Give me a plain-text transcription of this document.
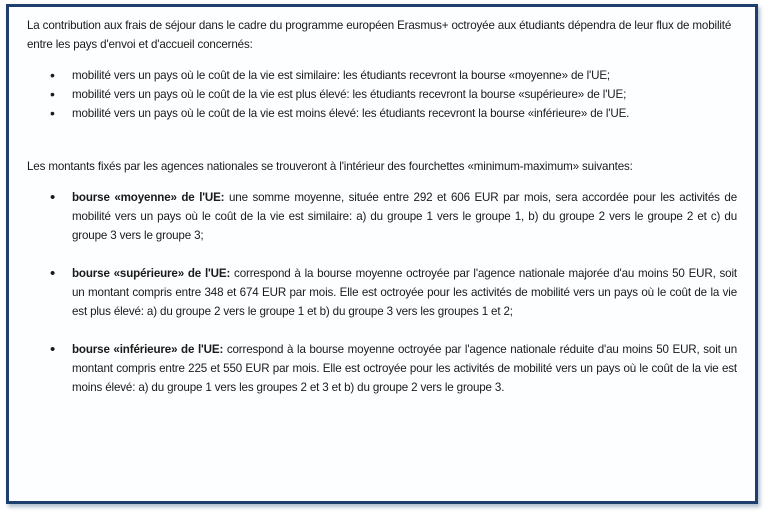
La contribution aux frais de séjour dans le cadre du programme européen Erasmus+ octroyée aux étudiants dépendra de leur flux de mobilité entre les pays d'envoi et d'accueil concernés:

• mobilité vers un pays où le coût de la vie est similaire: les étudiants recevront la bourse «moyenne» de l'UE;
• mobilité vers un pays où le coût de la vie est plus élevé: les étudiants recevront la bourse «supérieure» de l'UE;
• mobilité vers un pays où le coût de la vie est moins élevé: les étudiants recevront la bourse «inférieure» de l'UE.

Les montants fixés par les agences nationales se trouveront à l'intérieur des fourchettes «minimum-maximum» suivantes:

• bourse «moyenne» de l'UE: une somme moyenne, située entre 292 et 606 EUR par mois, sera accordée pour les activités de mobilité vers un pays où le coût de la vie est similaire: a) du groupe 1 vers le groupe 1, b) du groupe 2 vers le groupe 2 et c) du groupe 3 vers le groupe 3;
• bourse «supérieure» de l'UE: correspond à la bourse moyenne octroyée par l'agence nationale majorée d'au moins 50 EUR, soit un montant compris entre 348 et 674 EUR par mois. Elle est octroyée pour les activités de mobilité vers un pays où le coût de la vie est plus élevé: a) du groupe 2 vers le groupe 1 et b) du groupe 3 vers les groupes 1 et 2;
• bourse «inférieure» de l'UE: correspond à la bourse moyenne octroyée par l'agence nationale réduite d'au moins 50 EUR, soit un montant compris entre 225 et 550 EUR par mois. Elle est octroyée pour les activités de mobilité vers un pays où le coût de la vie est moins élevé: a) du groupe 1 vers les groupes 2 et 3 et b) du groupe 2 vers le groupe 3.
